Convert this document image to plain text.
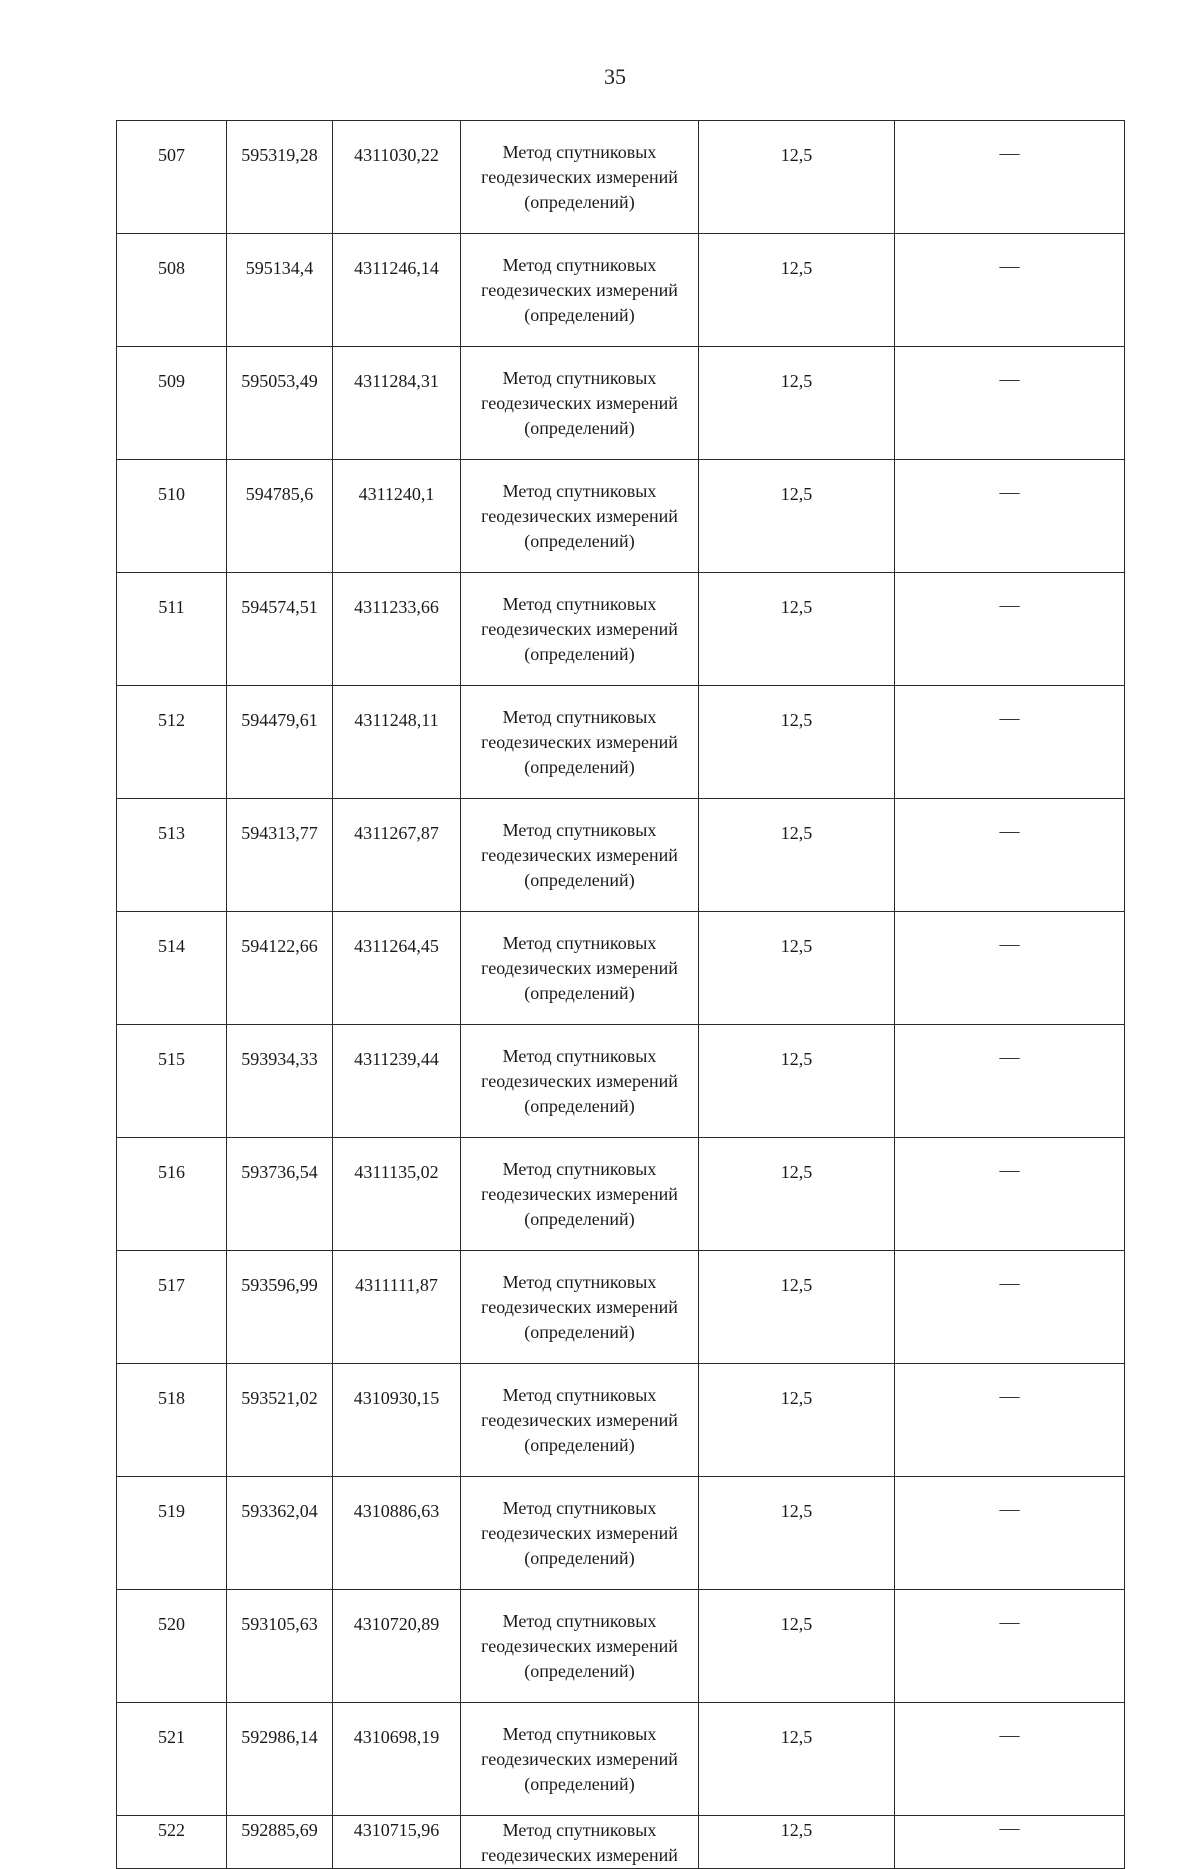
35
507	595319,28	4311030,22	Метод спутниковых
геодезических измерений
(определений)	12,5	—
508	595134,4	4311246,14	Метод спутниковых
геодезических измерений
(определений)	12,5	—
509	595053,49	4311284,31	Метод спутниковых
геодезических измерений
(определений)	12,5	—
510	594785,6	4311240,1	Метод спутниковых
геодезических измерений
(определений)	12,5	—
511	594574,51	4311233,66	Метод спутниковых
геодезических измерений
(определений)	12,5	—
512	594479,61	4311248,11	Метод спутниковых
геодезических измерений
(определений)	12,5	—
513	594313,77	4311267,87	Метод спутниковых
геодезических измерений
(определений)	12,5	—
514	594122,66	4311264,45	Метод спутниковых
геодезических измерений
(определений)	12,5	—
515	593934,33	4311239,44	Метод спутниковых
геодезических измерений
(определений)	12,5	—
516	593736,54	4311135,02	Метод спутниковых
геодезических измерений
(определений)	12,5	—
517	593596,99	4311111,87	Метод спутниковых
геодезических измерений
(определений)	12,5	—
518	593521,02	4310930,15	Метод спутниковых
геодезических измерений
(определений)	12,5	—
519	593362,04	4310886,63	Метод спутниковых
геодезических измерений
(определений)	12,5	—
520	593105,63	4310720,89	Метод спутниковых
геодезических измерений
(определений)	12,5	—
521	592986,14	4310698,19	Метод спутниковых
геодезических измерений
(определений)	12,5	—
522	592885,69	4310715,96	Метод спутниковых
геодезических измерений	12,5	—
